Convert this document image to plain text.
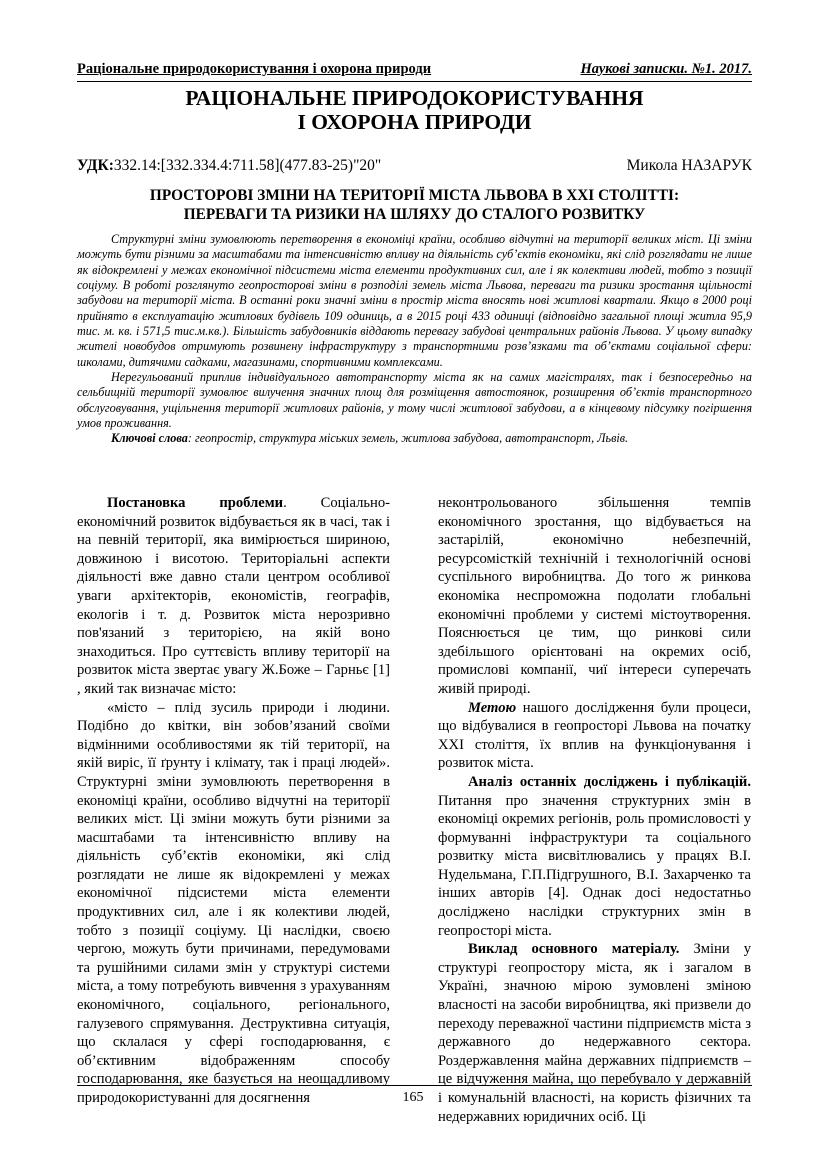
Раціональне природокористування і охорона природи	Наукові записки. №1. 2017.
РАЦІОНАЛЬНЕ ПРИРОДОКОРИСТУВАННЯ
І ОХОРОНА ПРИРОДИ
УДК:332.14:[332.334.4:711.58](477.83-25)"20"	Микола НАЗАРУК
ПРОСТОРОВІ ЗМІНИ НА ТЕРИТОРІЇ МІСТА ЛЬВОВА В ХХІ СТОЛІТТІ:
ПЕРЕВАГИ ТА РИЗИКИ НА ШЛЯХУ ДО СТАЛОГО РОЗВИТКУ

Структурні зміни зумовлюють перетворення в економіці країни, особливо відчутні на території великих міст. Ці зміни можуть бути різними за масштабами та інтенсивністю впливу на діяльність суб’єктів економіки, які слід розглядати не лише як відокремлені у межах економічної підсистеми міста елементи продуктивних сил, але і як колективи людей, тобто з позиції соціуму. В роботі розглянуто геопросторові зміни в розподілі земель міста Львова, переваги та ризики зростання щільності забудови на території міста. В останні роки значні зміни в простір міста вносять нові житлові квартали. Якщо в 2000 році прийнято в експлуатацію житлових будівель 109 одиниць, а в 2015 році 433 одиниці (відповідно загальної площі житла 95,9 тис. м. кв. і 571,5 тис.м.кв.). Більшість забудовників віддають перевагу забудові центральних районів Львова. У цьому випадку жителі новобудов отримують розвинену інфраструктуру з транспортними розв’язками та об’єктами соціальної сфери: школами, дитячими садками, магазинами, спортивними комплексами.

Нерегульований приплив індивідуального автотранспорту міста як на самих магістралях, так і безпосередньо на сельбищній території зумовлює вилучення значних площ для розміщення автостоянок, розширення об’єктів транспортного обслуговування, ущільнення території житлових районів, у тому числі житлової забудови, а в кінцевому підсумку погіршення умов проживання.

Ключові слова: геопростір, структура міських земель, житлова забудова, автотранспорт, Львів.

Постановка проблеми. Соціально-економічний розвиток відбувається як в часі, так і на певній території, яка вимірюється шириною, довжиною і висотою. Територіальні аспекти діяльності вже давно стали центром особливої уваги архітекторів, економістів, географів, екологів і т. д. Розвиток міста нерозривно пов'язаний з територією, на якій воно знаходиться. Про суттєвість впливу території на розвиток міста звертає увагу Ж.Боже – Гарньє [1] , який так визначає місто:

«місто – плід зусиль природи і людини. Подібно до квітки, він зобов’язаний своїми відмінними особливостями як тій території, на якій виріс, її ґрунту і клімату, так і праці людей». Структурні зміни зумовлюють перетворення в економіці країни, особливо відчутні на території великих міст. Ці зміни можуть бути різними за масштабами та інтенсивністю впливу на діяльність суб’єктів економіки, які слід розглядати не лише як відокремлені у межах економічної підсистеми міста елементи продуктивних сил, але і як колективи людей, тобто з позиції соціуму. Ці наслідки, своєю чергою, можуть бути причинами, передумовами та рушійними силами змін у структурі системи міста, а тому потребують вивчення з урахуванням економічного, соціального, регіонального, галузевого спрямування. Деструктивна ситуація, що склалася у сфері господарювання, є об’єктивним відображенням способу господарювання, яке базується на неощадливому природокористуванні для досягнення

неконтрольованого збільшення темпів економічного зростання, що відбувається на застарілій, економічно небезпечній, ресурсомісткій технічній і технологічній основі суспільного виробництва. До того ж ринкова економіка неспроможна подолати глобальні економічні проблеми у системі містоутворення. Пояснюється це тим, що ринкові сили здебільшого орієнтовані на окремих осіб, промислові компанії, чиї інтереси суперечать живій природі.

Метою нашого дослідження були процеси, що відбувалися в геопросторі Львова на початку ХХІ століття, їх вплив на функціонування і розвиток міста.

Аналіз останніх досліджень і публікацій. Питання про значення структурних змін в економіці окремих регіонів, роль промисловості у формуванні інфраструктури та соціального розвитку міста висвітлювались у працях В.І. Нудельмана, Г.П.Підгрушного, В.І. Захарченко та інших авторів [4]. Однак досі недостатньо досліджено наслідки структурних змін в геопросторі міста.

Виклад основного матеріалу. Зміни у структурі геопростору міста, як і загалом в Україні, значною мірою зумовлені зміною власності на засоби виробництва, які призвели до переходу переважної частини підприємств міста з державного до недержавного сектора. Роздержавлення майна державних підприємств – це відчуження майна, що перебувало у державній і комунальній власності, на користь фізичних та недержавних юридичних осіб. Ці

165
